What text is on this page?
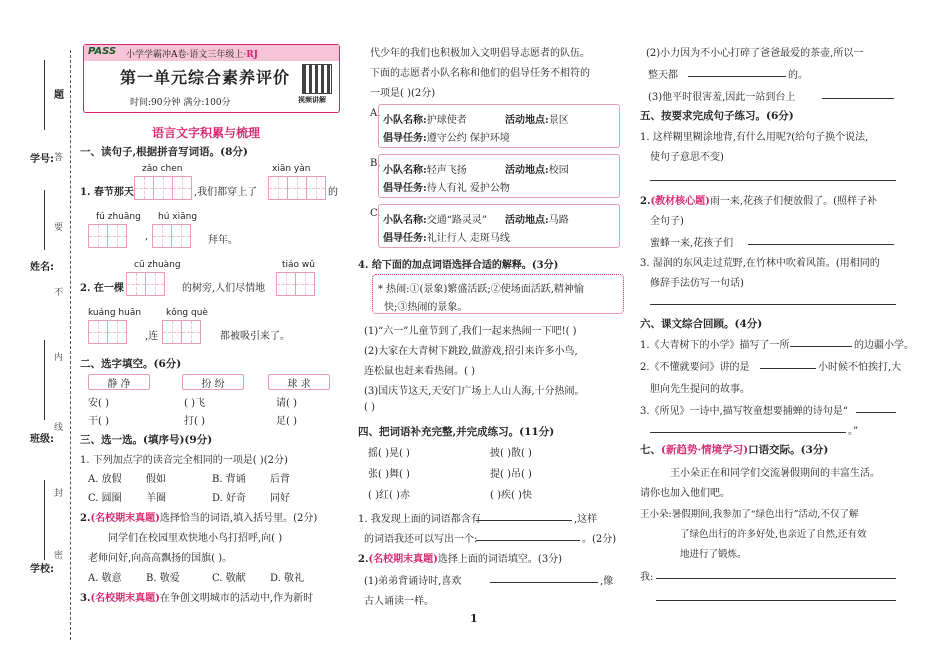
题
学号: 答
要
不
姓名:
内
班级:
线
封
密
学校:
PASS 小学学霸冲A卷·语文三年级上·RJ
第一单元综合素养评价
时间:90分钟 满分:100分	视频讲解
语言文字积累与梳理
一、读句子,根据拼音写词语。(8分)
zǎo chen	xiān yàn
1. 春节那天	,我们都穿上了	的
fú zhuāng hú xiāng
,	拜年。
cū zhuàng	tiáo wǔ
2. 在一棵	的树旁,人们尽情地
kuáng huān	kǒng què
,连	都被吸引来了。
二、选字填空。(6分)
静 净	扮 纷	球 求
安( )	( )飞	请( )
干( )	打( )	足( )
三、选一选。(填序号)(9分)
1. 下列加点字的读音完全相同的一项是( )(2分)
A. 放假 假如	B. 背诵 后背
C. 圆圈 羊圈	D. 好奇 同好
2.(名校期末真题)选择恰当的词语,填入括号里。(2分)
同学们在校园里欢快地小鸟打招呼,向( )
老师问好,向高高飘扬的国旗( )。
A. 敬意 B. 敬爱	C. 敬献 D. 敬礼
3.(名校期末真题)在争创文明城市的活动中,作为新时
代少年的我们也积极加入文明倡导志愿者的队伍。
下面的志愿者小队名称和他们的倡导任务不相符的
一项是( )(2分)
A.
小队名称:护球使者	活动地点:景区
倡导任务:遵守公约 保护环境
B.
小队名称:轻声飞扬	活动地点:校园
倡导任务:待人有礼 爱护公物
C.
小队名称:交通“路灵灵” 活动地点:马路
倡导任务:礼让行人 走斑马线
4. 给下面的加点词语选择合适的解释。(3分)
* 热闹:①(景象)繁盛活跃;②使场面活跃,精神愉
快;③热闹的景象。
(1)“六一”儿童节到了,我们一起来热闹一下吧!( )
(2)大家在大青树下跳跤,做游戏,招引来许多小鸟,
连松鼠也赶来看热闹。( )
(3)国庆节这天,天安门广场上人山人海,十分热闹。
( )
四、把词语补充完整,并完成练习。(11分)
摇( )晃( )	披( )散( )
张( )舞( )	提( )吊( )
( )红( )赤	( )疾( )快
1. 我发现上面的词语都含有	,这样
的词语我还可以写出一个:	。(2分)
2.(名校期末真题)选择上面的词语填空。(3分)
(1)弟弟背诵诗时,喜欢	,像
古人诵读一样。
1
(2)小力因为不小心打碎了爸爸最爱的茶壶,所以一
整天都	的。
(3)他平时很害羞,因此一站到台上
五、按要求完成句子练习。(6分)
1. 这样糊里糊涂地背,有什么用呢?(给句子换个说法,
使句子意思不变)
2.(教材核心题)雨一来,花孩子们便放假了。(照样子补
全句子)
蜜蜂一来,花孩子们
3. 湿润的东风走过荒野,在竹林中吹着风笛。(用相同的
修辞手法仿写一句话)
六、课文综合回顾。(4分)
1.《大青树下的小学》描写了一所	的边疆小学。
2.《不懂就要问》讲的是	小时候不怕挨打,大
胆向先生提问的故事。
3.《所见》一诗中,描写牧童想要捕蝉的诗句是“
。”
七、(新趋势·情境学习)口语交际。(3分)
王小朵正在和同学们交流暑假期间的丰富生活。
请你也加入他们吧。
王小朵:暑假期间,我参加了“绿色出行”活动,不仅了解
了绿色出行的许多好处,也亲近了自然,还有效
地进行了锻炼。
我:
